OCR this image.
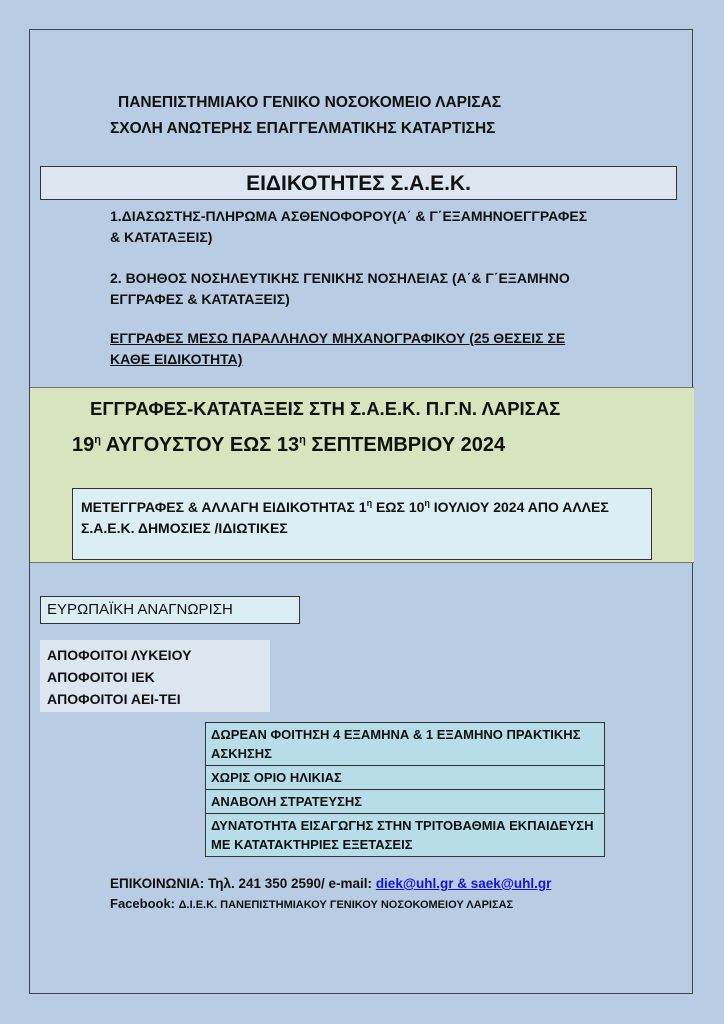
ΠΑΝΕΠΙΣΤΗΜΙΑΚΟ ΓΕΝΙΚΟ ΝΟΣΟΚΟΜΕΙΟ ΛΑΡΙΣΑΣ
ΣΧΟΛΗ ΑΝΩΤΕΡΗΣ ΕΠΑΓΓΕΛΜΑΤΙΚΗΣ ΚΑΤΑΡΤΙΣΗΣ
ΕΙΔΙΚΟΤΗΤΕΣ Σ.Α.Ε.Κ.
1.ΔΙΑΣΩΣΤΗΣ-ΠΛΗΡΩΜΑ ΑΣΘΕΝΟΦΟΡΟΥ(Α΄ & Γ΄ΕΞΑΜΗΝΟΕΓΓΡΑΦΕΣ & ΚΑΤΑΤΑΞΕΙΣ)
2. ΒΟΗΘΟΣ ΝΟΣΗΛΕΥΤΙΚΗΣ ΓΕΝΙΚΗΣ ΝΟΣΗΛΕΙΑΣ (Α΄& Γ΄ΕΞΑΜΗΝΟ ΕΓΓΡΑΦΕΣ & ΚΑΤΑΤΑΞΕΙΣ)
ΕΓΓΡΑΦΕΣ ΜΕΣΩ ΠΑΡΑΛΛΗΛΟΥ ΜΗΧΑΝΟΓΡΑΦΙΚΟΥ (25 ΘΕΣΕΙΣ ΣΕ ΚΑΘΕ ΕΙΔΙΚΟΤΗΤΑ)
ΕΓΓΡΑΦΕΣ-ΚΑΤΑΤΑΞΕΙΣ ΣΤΗ Σ.Α.Ε.Κ. Π.Γ.Ν. ΛΑΡΙΣΑΣ
$19^\eta$ ΑΥΓΟΥΣΤΟΥ ΕΩΣ $13^\eta$ ΣΕΠΤΕΜΒΡΙΟΥ 2024
ΜΕΤΕΓΓΡΑΦΕΣ & ΑΛΛΑΓΗ ΕΙΔΙΚΟΤΗΤΑΣ $1^\eta$ ΕΩΣ $10^\eta$ ΙΟΥΛΙΟΥ 2024 ΑΠΟ ΑΛΛΕΣ Σ.Α.Ε.Κ. ΔΗΜΟΣΙΕΣ /ΙΔΙΩΤΙΚΕΣ
ΕΥΡΩΠΑΪΚΗ ΑΝΑΓΝΩΡΙΣΗ
ΑΠΟΦΟΙΤΟΙ ΛΥΚΕΙΟΥ
ΑΠΟΦΟΙΤΟΙ ΙΕΚ
ΑΠΟΦΟΙΤΟΙ ΑΕΙ-ΤΕΙ
ΔΩΡΕΑΝ ΦΟΙΤΗΣΗ 4 ΕΞΑΜΗΝΑ & 1 ΕΞΑΜΗΝΟ ΠΡΑΚΤΙΚΗΣ ΑΣΚΗΣΗΣ
ΧΩΡΙΣ ΟΡΙΟ ΗΛΙΚΙΑΣ
ΑΝΑΒΟΛΗ ΣΤΡΑΤΕΥΣΗΣ
ΔΥΝΑΤΟΤΗΤΑ ΕΙΣΑΓΩΓΗΣ ΣΤΗΝ ΤΡΙΤΟΒΑΘΜΙΑ ΕΚΠΑΙΔΕΥΣΗ ΜΕ ΚΑΤΑΤΑΚΤΗΡΙΕΣ ΕΞΕΤΑΣΕΙΣ
ΕΠΙΚΟΙΝΩΝΙΑ: Τηλ. 241 350 2590/ e-mail: diek@uhl.gr & saek@uhl.gr
Facebook: Δ.Ι.Ε.Κ. ΠΑΝΕΠΙΣΤΗΜΙΑΚΟΥ ΓΕΝΙΚΟΥ ΝΟΣΟΚΟΜΕΙΟΥ ΛΑΡΙΣΑΣ
